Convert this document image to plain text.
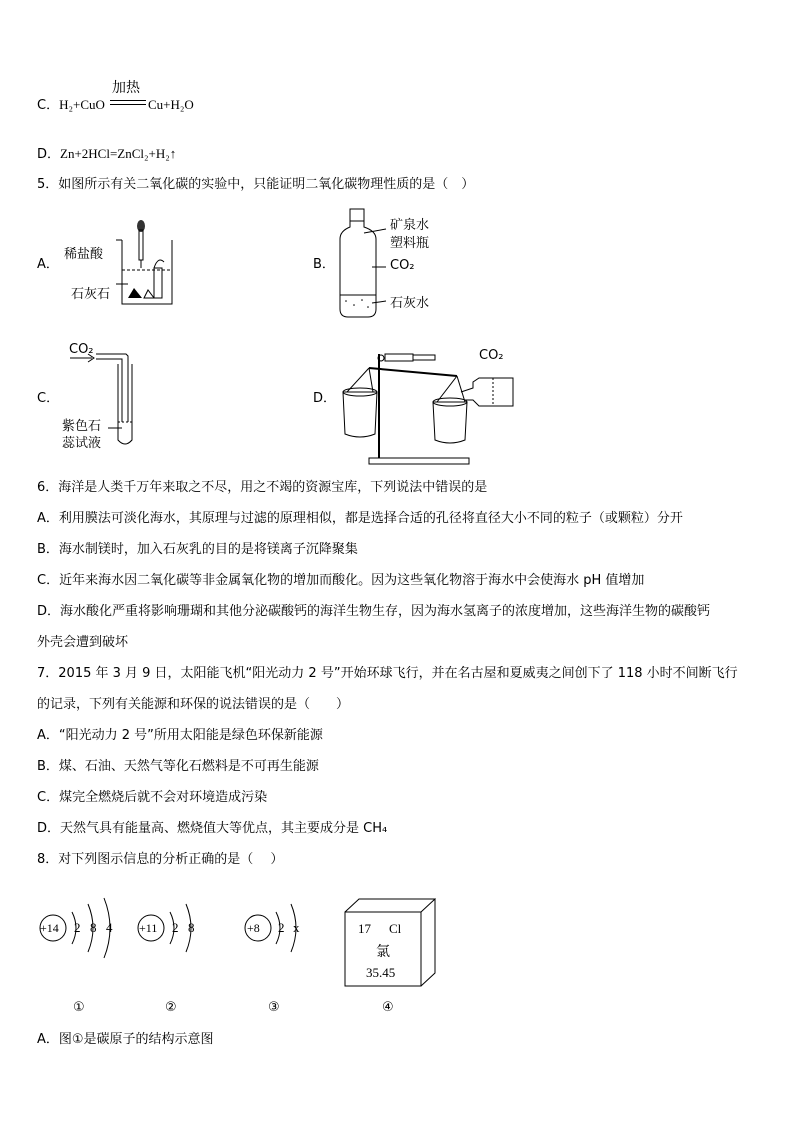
C．H₂+CuO
加热
Cu+H₂O
D．Zn+2HCl=ZnCl₂+H₂↑
5．如图所示有关二氧化碳的实验中，只能证明二氧化碳物理性质的是（　）
A．
稀盐酸
石灰石
B．
矿泉水
塑料瓶
CO₂
石灰水
C．
CO₂
紫色石
蕊试液
D．
CO₂
6．海洋是人类千万年来取之不尽，用之不竭的资源宝库，下列说法中错误的是
A．利用膜法可淡化海水，其原理与过滤的原理相似，都是选择合适的孔径将直径大小不同的粒子（或颗粒）分开
B．海水制镁时，加入石灰乳的目的是将镁离子沉降聚集
C．近年来海水因二氧化碳等非金属氧化物的增加而酸化。因为这些氧化物溶于海水中会使海水 pH 值增加
D．海水酸化严重将影响珊瑚和其他分泌碳酸钙的海洋生物生存，因为海水氢离子的浓度增加，这些海洋生物的碳酸钙
外壳会遭到破坏
7．2015 年 3 月 9 日，太阳能飞机“阳光动力 2 号”开始环球飞行，并在名古屋和夏威夷之间创下了 118 小时不间断飞行
的记录，下列有关能源和环保的说法错误的是（　　）
A．“阳光动力 2 号”所用太阳能是绿色环保新能源
B．煤、石油、天然气等化石燃料是不可再生能源
C．煤完全燃烧后就不会对环境造成污染
D．天然气具有能量高、燃烧值大等优点，其主要成分是 CH₄
8．对下列图示信息的分析正确的是（　 ）
+14 2 8 4 +11 2 8	+8 2 x	17 Cl
氯
35.45
①	②	③	④
A．图①是碳原子的结构示意图
